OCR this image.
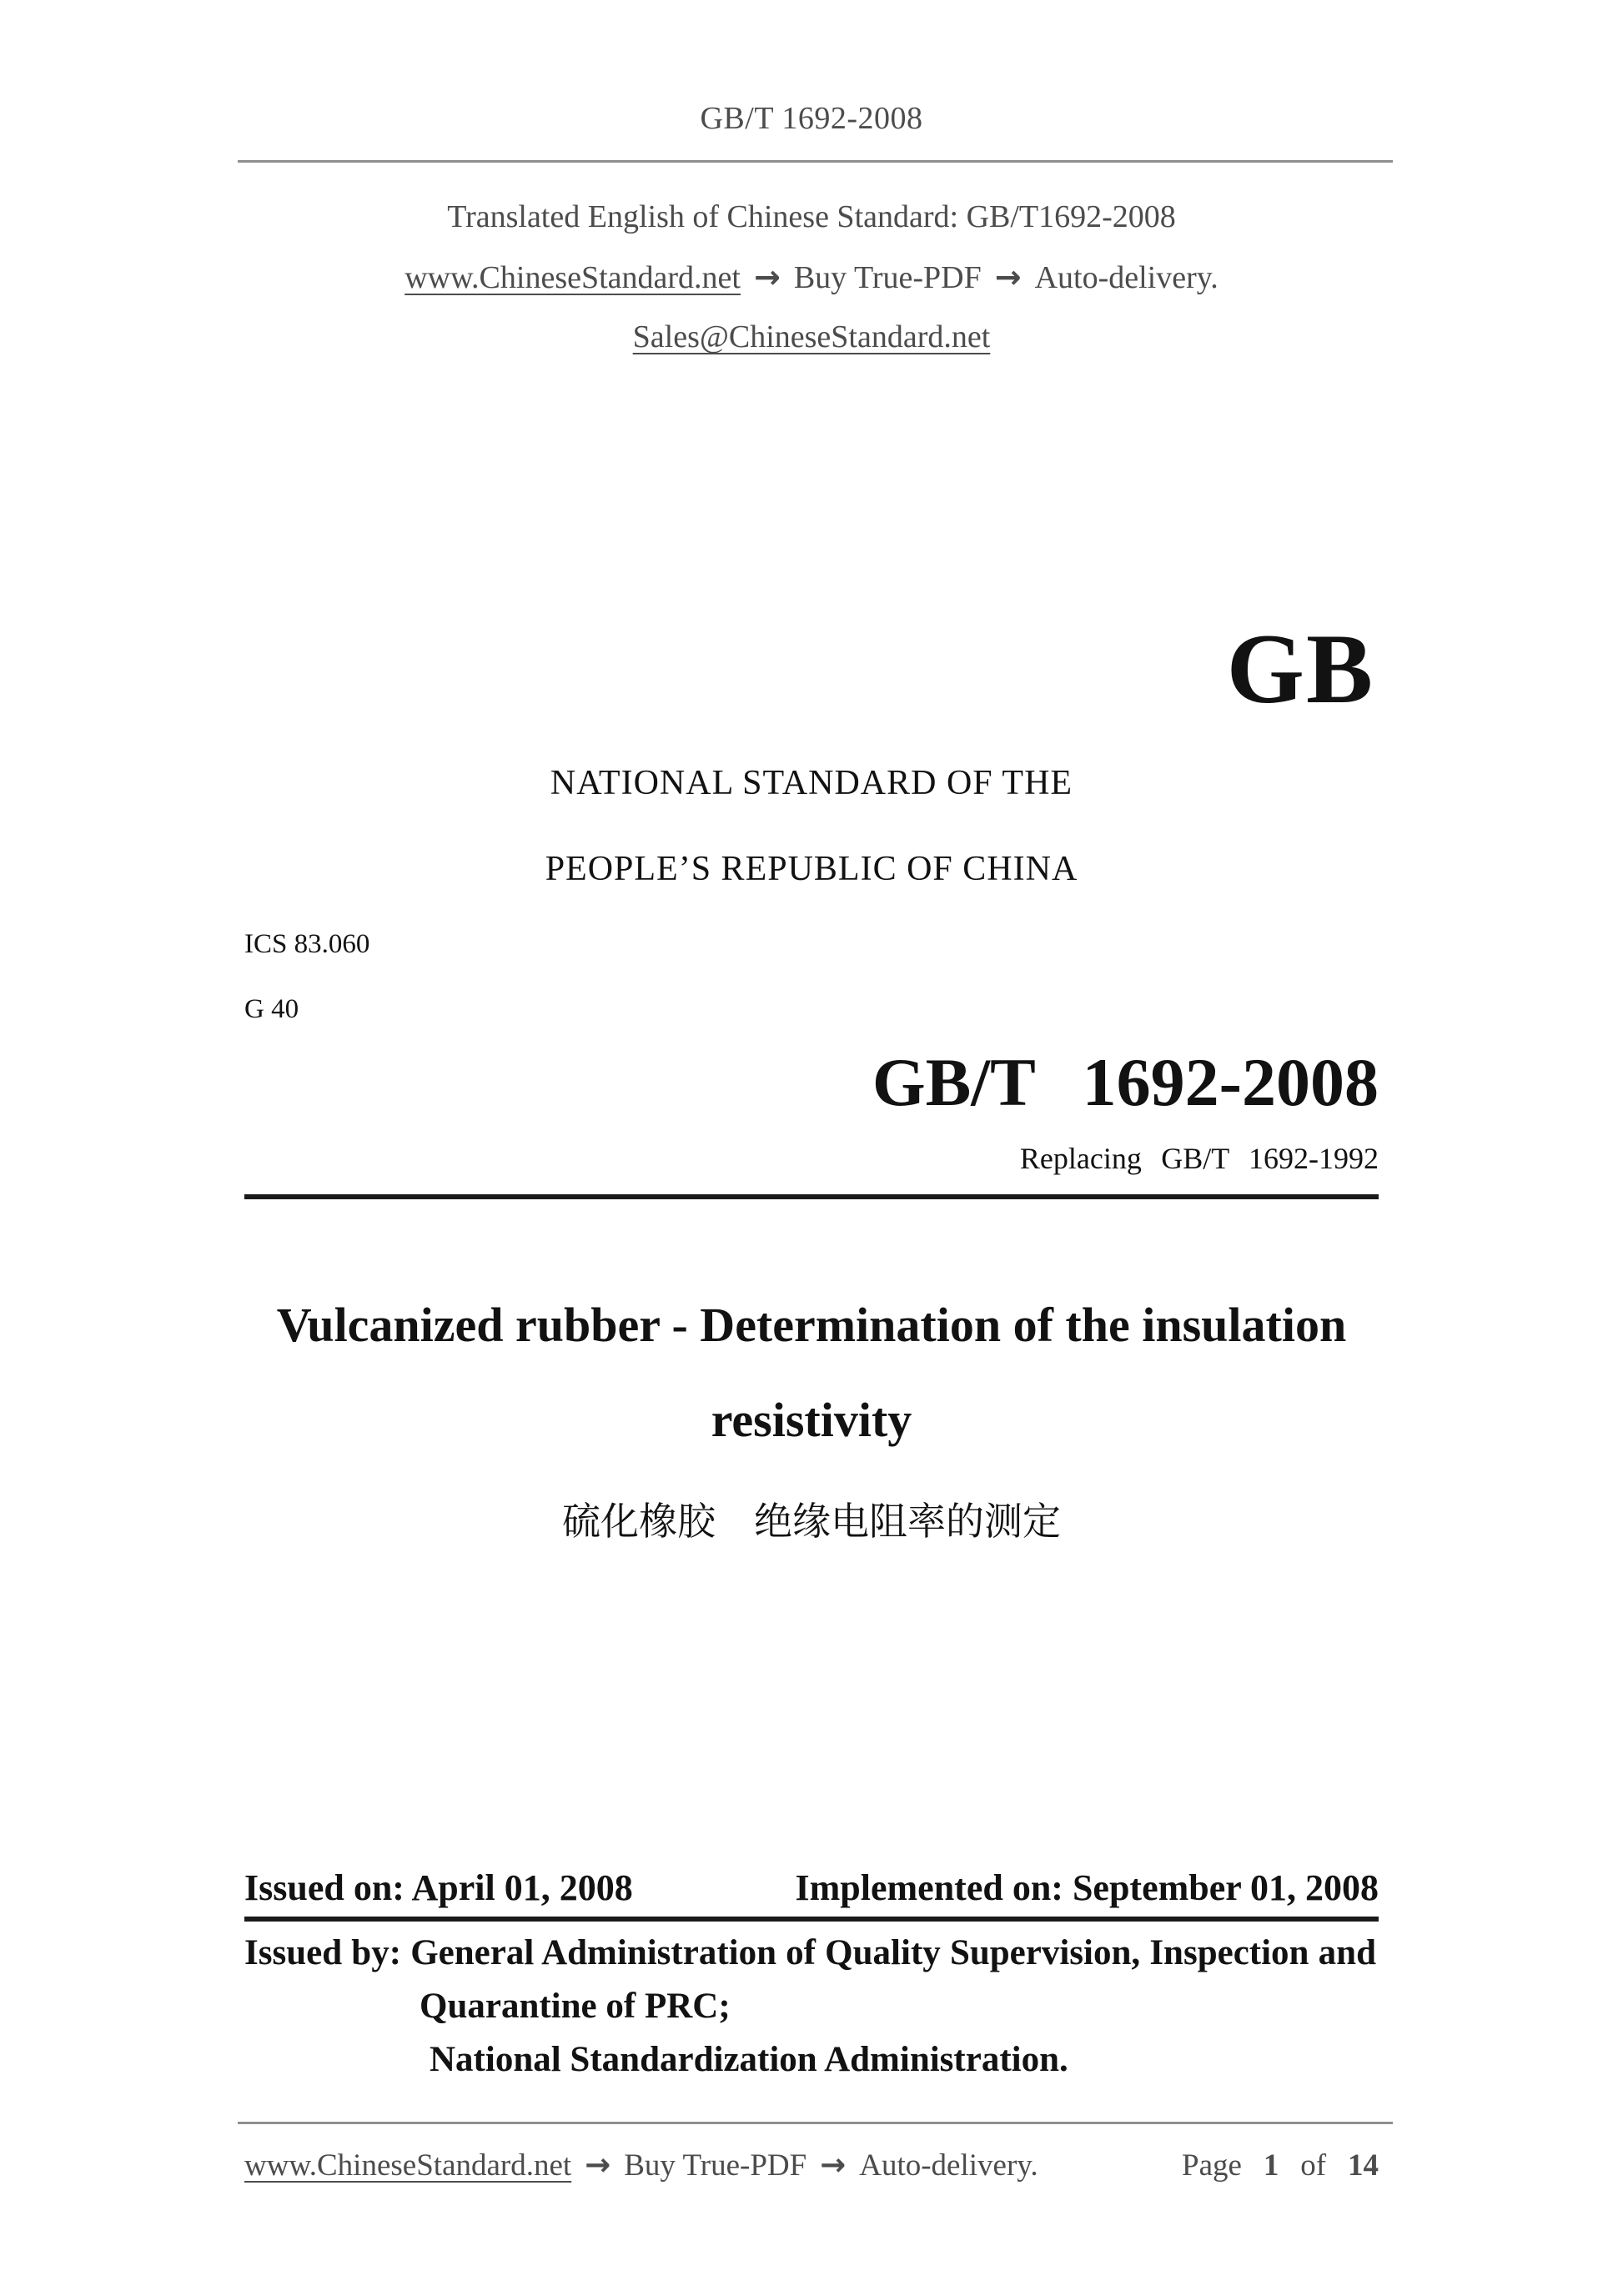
GB/T 1692-2008
Translated English of Chinese Standard: GB/T1692-2008
www.ChineseStandard.net → Buy True-PDF → Auto-delivery.
Sales@ChineseStandard.net
GB
NATIONAL STANDARD OF THE
PEOPLE’S REPUBLIC OF CHINA
ICS 83.060
G 40
GB/T 1692-2008
Replacing GB/T 1692-1992
Vulcanized rubber - Determination of the insulation
resistivity
硫化橡胶　绝缘电阻率的测定
Issued on: April 01, 2008	Implemented on: September 01, 2008
Issued by: General Administration of Quality Supervision, Inspection and
Quarantine of PRC;
National Standardization Administration.
www.ChineseStandard.net → Buy True-PDF → Auto-delivery.	Page 1 of 14
